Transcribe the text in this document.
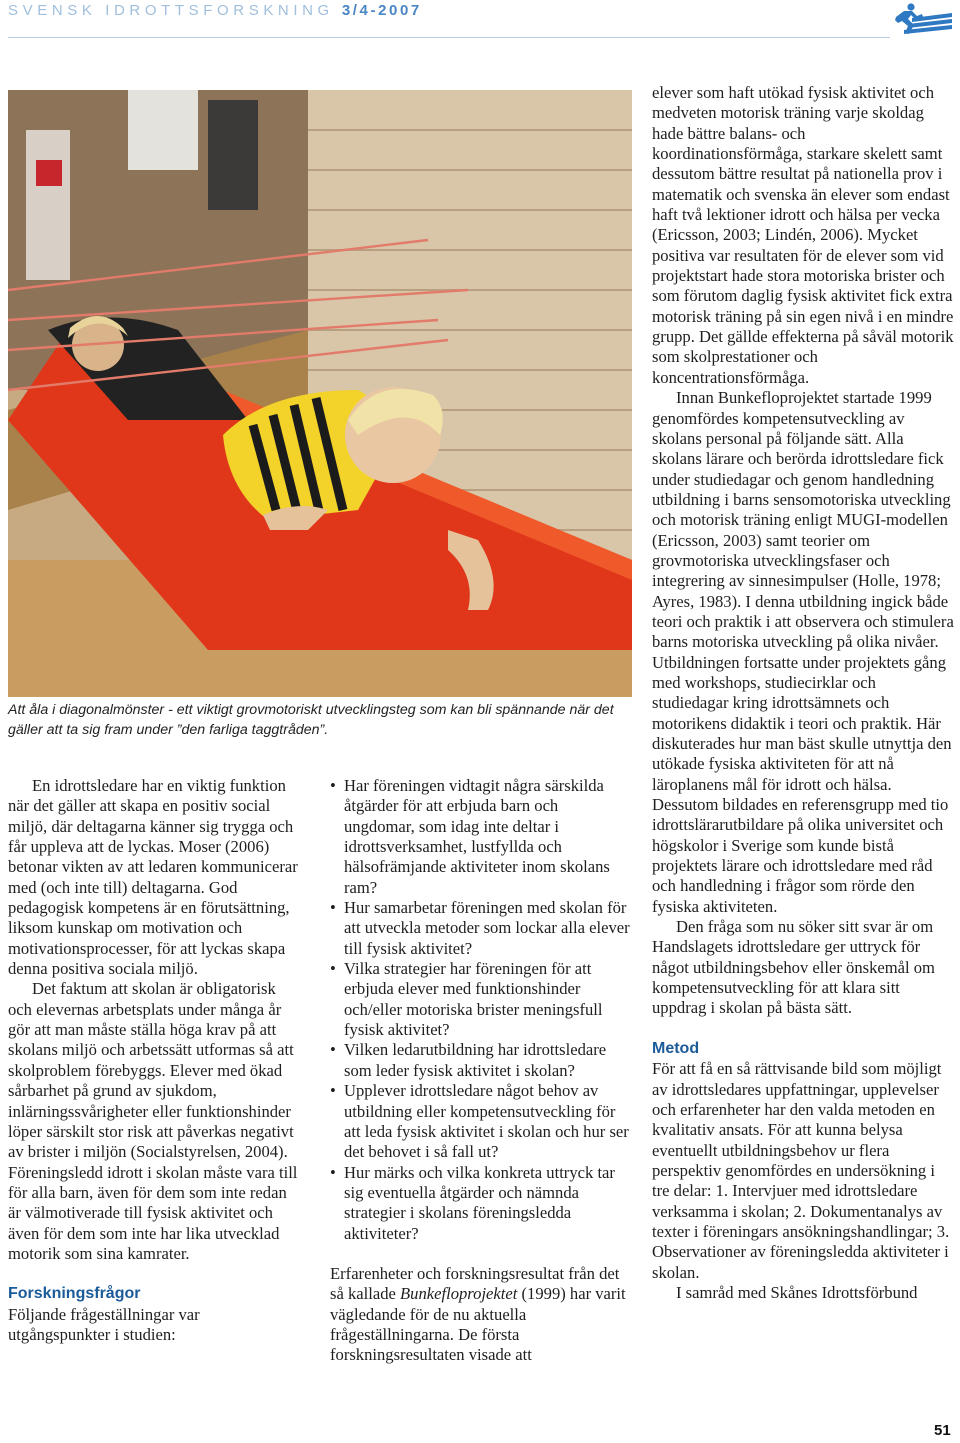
SVENSK IDROTTSFORSKNING 3/4-2007
Att åla i diagonalmönster - ett viktigt grovmotoriskt utvecklingsteg som kan bli spännande när det gäller att ta sig fram under ”den farliga taggtråden”.

En idrottsledare har en viktig funktion när det gäller att skapa en positiv social miljö, där deltagarna känner sig trygga och får uppleva att de lyckas. Moser (2006) betonar vikten av att ledaren kommunicerar med (och inte till) deltagarna. God pedagogisk kompetens är en förutsättning, liksom kunskap om motivation och motivationsprocesser, för att lyckas skapa denna positiva sociala miljö.

Det faktum att skolan är obligatorisk och elevernas arbetsplats under många år gör att man måste ställa höga krav på att skolans miljö och arbetssätt utformas så att skolproblem förebyggs. Elever med ökad sårbarhet på grund av sjukdom, inlärningssvårigheter eller funktionshinder löper särskilt stor risk att påverkas negativt av brister i miljön (Socialstyrelsen, 2004). Föreningsledd idrott i skolan måste vara till för alla barn, även för dem som inte redan är välmotiverade till fysisk aktivitet och även för dem som inte har lika utvecklad motorik som sina kamrater.

Forskningsfrågor

Följande frågeställningar var utgångspunkter i studien:

• Har föreningen vidtagit några särskilda åtgärder för att erbjuda barn och ungdomar, som idag inte deltar i idrottsverksamhet, lustfyllda och hälsofrämjande aktiviteter inom skolans ram?
• Hur samarbetar föreningen med skolan för att utveckla metoder som lockar alla elever till fysisk aktivitet?
• Vilka strategier har föreningen för att erbjuda elever med funktionshinder och/eller motoriska brister meningsfull fysisk aktivitet?
• Vilken ledarutbildning har idrottsledare som leder fysisk aktivitet i skolan?
• Upplever idrottsledare något behov av utbildning eller kompetensutveckling för att leda fysisk aktivitet i skolan och hur ser det behovet i så fall ut?
• Hur märks och vilka konkreta uttryck tar sig eventuella åtgärder och nämnda strategier i skolans föreningsledda aktiviteter?

Erfarenheter och forskningsresultat från det så kallade Bunkefloprojektet (1999) har varit vägledande för de nu aktuella frågeställningarna. De första forskningsresultaten visade att

elever som haft utökad fysisk aktivitet och medveten motorisk träning varje skoldag hade bättre balans- och koordinationsförmåga, starkare skelett samt dessutom bättre resultat på nationella prov i matematik och svenska än elever som endast haft två lektioner idrott och hälsa per vecka (Ericsson, 2003; Lindén, 2006). Mycket positiva var resultaten för de elever som vid projektstart hade stora motoriska brister och som förutom daglig fysisk aktivitet fick extra motorisk träning på sin egen nivå i en mindre grupp. Det gällde effekterna på såväl motorik som skolprestationer och koncentrationsförmåga.

Innan Bunkefloprojektet startade 1999 genomfördes kompetensutveckling av skolans personal på följande sätt. Alla skolans lärare och berörda idrottsledare fick under studiedagar och genom handledning utbildning i barns sensomotoriska utveckling och motorisk träning enligt MUGI-modellen (Ericsson, 2003) samt teorier om grovmotoriska utvecklingsfaser och integrering av sinnesimpulser (Holle, 1978; Ayres, 1983). I denna utbildning ingick både teori och praktik i att observera och stimulera barns motoriska utveckling på olika nivåer. Utbildningen fortsatte under projektets gång med workshops, studiecirklar och studiedagar kring idrottsämnets och motorikens didaktik i teori och praktik. Här diskuterades hur man bäst skulle utnyttja den utökade fysiska aktiviteten för att nå läroplanens mål för idrott och hälsa. Dessutom bildades en referensgrupp med tio idrottslärarutbildare på olika universitet och högskolor i Sverige som kunde bistå projektets lärare och idrottsledare med råd och handledning i frågor som rörde den fysiska aktiviteten.

Den fråga som nu söker sitt svar är om Handslagets idrottsledare ger uttryck för något utbildningsbehov eller önskemål om kompetensutveckling för att klara sitt uppdrag i skolan på bästa sätt.

Metod

För att få en så rättvisande bild som möjligt av idrottsledares uppfattningar, upplevelser och erfarenheter har den valda metoden en kvalitativ ansats. För att kunna belysa eventuellt utbildningsbehov ur flera perspektiv genomfördes en undersökning i tre delar: 1. Intervjuer med idrottsledare verksamma i skolan; 2. Dokumentanalys av texter i föreningars ansökningshandlingar; 3. Observationer av föreningsledda aktiviteter i skolan.

I samråd med Skånes Idrottsförbund

51
